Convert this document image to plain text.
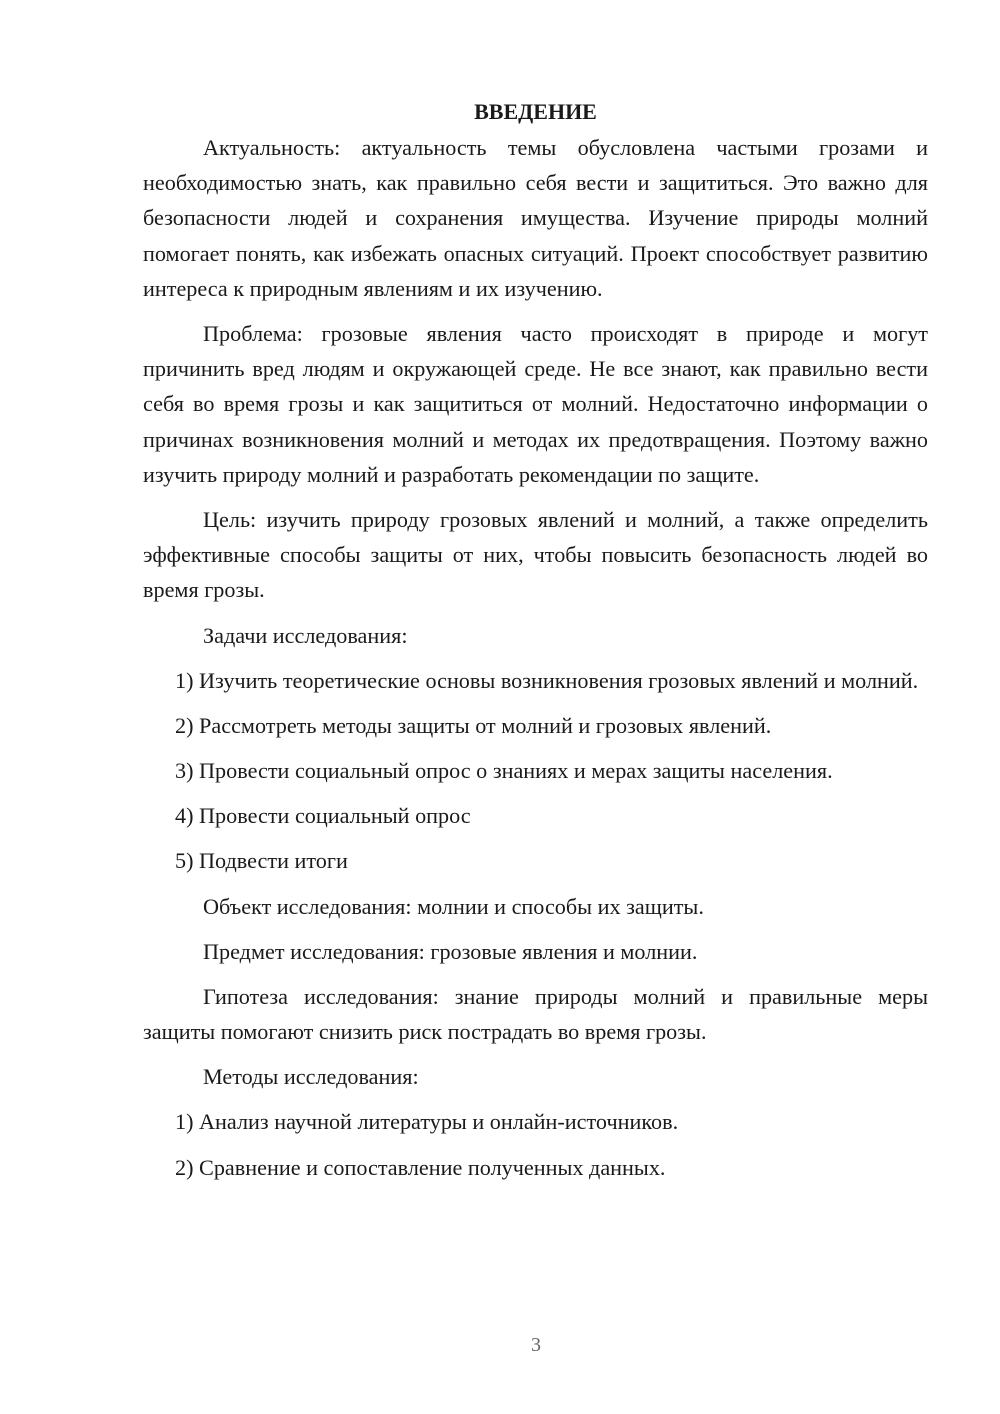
ВВЕДЕНИЕ

Актуальность: актуальность темы обусловлена частыми грозами и необходимостью знать, как правильно себя вести и защититься. Это важно для безопасности людей и сохранения имущества. Изучение природы молний помогает понять, как избежать опасных ситуаций. Проект способствует развитию интереса к природным явлениям и их изучению.

Проблема: грозовые явления часто происходят в природе и могут причинить вред людям и окружающей среде. Не все знают, как правильно вести себя во время грозы и как защититься от молний. Недостаточно информации о причинах возникновения молний и методах их предотвращения. Поэтому важно изучить природу молний и разработать рекомендации по защите.

Цель: изучить природу грозовых явлений и молний, а также определить эффективные способы защиты от них, чтобы повысить безопасность людей во время грозы.

Задачи исследования:

1) Изучить теоретические основы возникновения грозовых явлений и молний.

2) Рассмотреть методы защиты от молний и грозовых явлений.

3) Провести социальный опрос о знаниях и мерах защиты населения.

4) Провести социальный опрос

5) Подвести итоги

Объект исследования: молнии и способы их защиты.

Предмет исследования: грозовые явления и молнии.

Гипотеза исследования: знание природы молний и правильные меры защиты помогают снизить риск пострадать во время грозы.

Методы исследования:

1) Анализ научной литературы и онлайн-источников.

2) Сравнение и сопоставление полученных данных.

3
